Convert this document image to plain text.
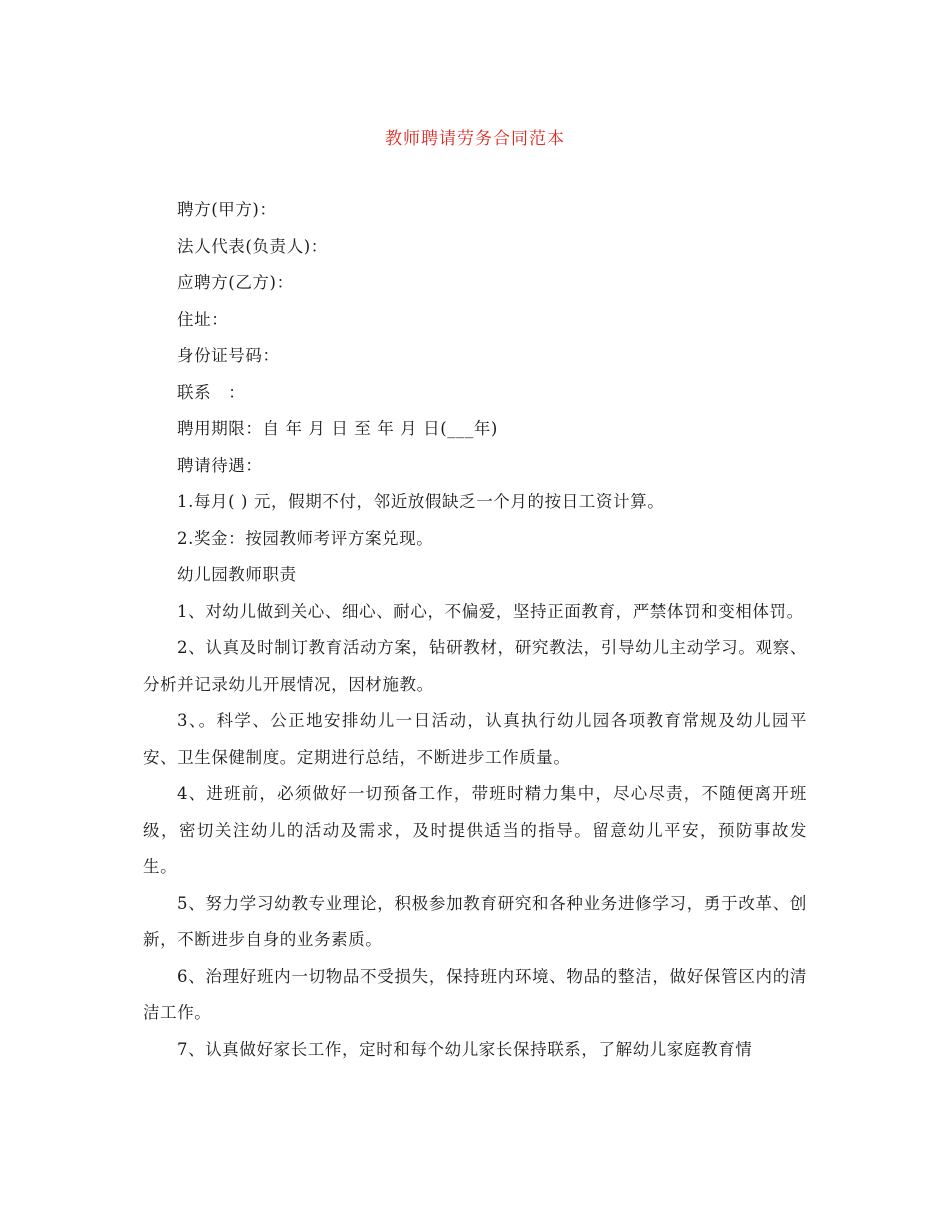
教师聘请劳务合同范本

聘方(甲方)：

法人代表(负责人)：

应聘方(乙方)：

住址：

身份证号码：

联系　：

聘用期限：自 年 月 日 至 年 月 日(___年)

聘请待遇：

1.每月( ) 元，假期不付，邻近放假缺乏一个月的按日工资计算。

2.奖金：按园教师考评方案兑现。

幼儿园教师职责

1、对幼儿做到关心、细心、耐心，不偏爱，坚持正面教育，严禁体罚和变相体罚。

2、认真及时制订教育活动方案，钻研教材，研究教法，引导幼儿主动学习。观察、分析并记录幼儿开展情况，因材施教。

3、。科学、公正地安排幼儿一日活动，认真执行幼儿园各项教育常规及幼儿园平安、卫生保健制度。定期进行总结，不断进步工作质量。

4、进班前，必须做好一切预备工作，带班时精力集中，尽心尽责，不随便离开班级，密切关注幼儿的活动及需求，及时提供适当的指导。留意幼儿平安，预防事故发生。

5、努力学习幼教专业理论，积极参加教育研究和各种业务进修学习，勇于改革、创新，不断进步自身的业务素质。

6、治理好班内一切物品不受损失，保持班内环境、物品的整洁，做好保管区内的清洁工作。

7、认真做好家长工作，定时和每个幼儿家长保持联系，了解幼儿家庭教育情
